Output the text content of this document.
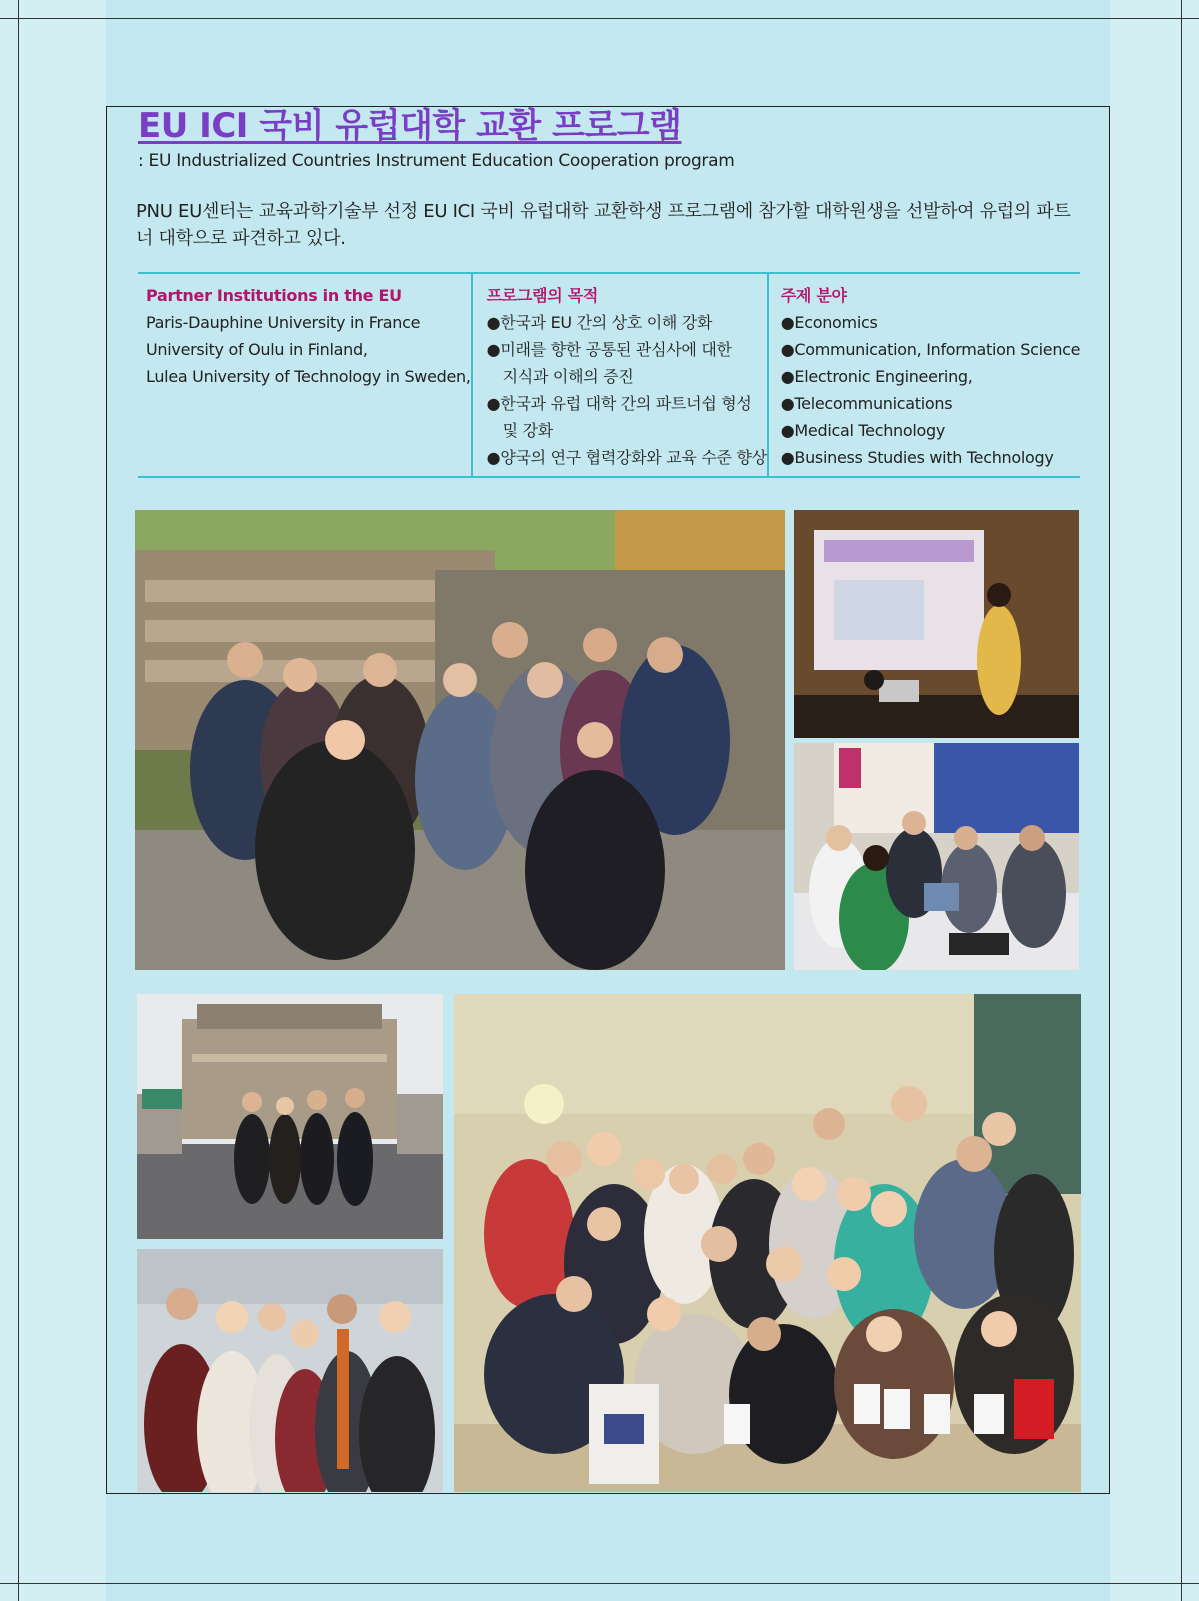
EU ICI 국비 유럽대학 교환 프로그램
: EU Industrialized Countries Instrument Education Cooperation program

PNU EU센터는 교육과학기술부 선정 EU ICI 국비 유럽대학 교환학생 프로그램에 참가할 대학원생을 선발하여 유럽의 파트너 대학으로 파견하고 있다.

Partner Institutions in the EU
Paris-Dauphine University in France
University of Oulu in Finland,
Lulea University of Technology in Sweden,
프로그램의 목적
●한국과 EU 간의 상호 이해 강화
●미래를 향한 공통된 관심사에 대한
지식과 이해의 증진
●한국과 유럽 대학 간의 파트너쉽 형성
및 강화
●양국의 연구 협력강화와 교육 수준 향상
주제 분야
●Economics
●Communication, Information Science
●Electronic Engineering,
●Telecommunications
●Medical Technology
●Business Studies with Technology
